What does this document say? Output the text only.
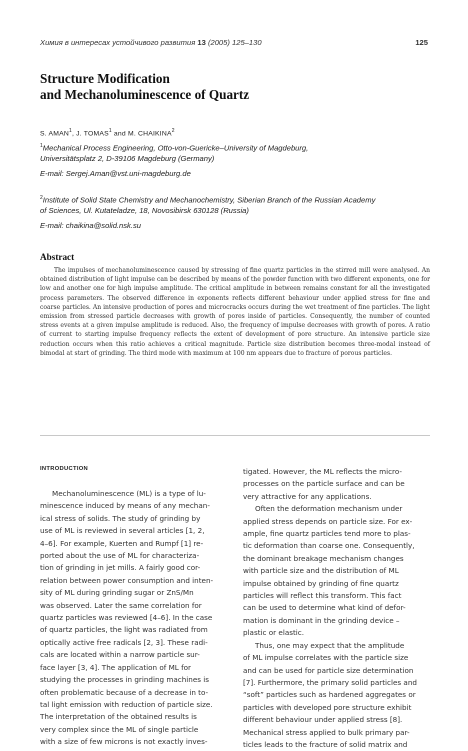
Химия в интересах устойчивого развития 13 (2005) 125–130	125
Structure Modification
and Mechanoluminescence of Quartz
S. AMAN$^1$, J. TOMAS$^1$ and M. CHAIKINA$^2$
$^1$Mechanical Process Engineering, Otto-von-Guericke–University of Magdeburg,
Universitätsplatz 2, D-39106 Magdeburg (Germany)
E-mail: Sergej.Aman@vst.uni-magdeburg.de
$^2$Institute of Solid State Chemistry and Mechanochemistry, Siberian Branch of the Russian Academy
of Sciences, Ul. Kutateladze, 18, Novosibirsk 630128 (Russia)
E-mail: chaikina@solid.nsk.su
Abstract
The impulses of mechanoluminescence caused by stressing of fine quartz particles in the stirred mill were analysed. An obtained distribution of light impulse can be described by means of the powder function with two different exponents, one for low and another one for high impulse amplitude. The critical amplitude in between remains constant for all the investigated process parameters. The observed difference in exponents reflects different behaviour under applied stress for fine and coarse particles. An intensive production of pores and microcracks occurs during the wet treatment of fine particles. The light emission from stressed particle decreases with growth of pores inside of particles. Consequently, the number of counted stress events at a given impulse amplitude is reduced. Also, the frequency of impulse decreases with growth of pores. A ratio of current to starting impulse frequency reflects the extent of development of pore structure. An intensive particle size reduction occurs when this ratio achieves a critical magnitude. Particle size distribution becomes three-modal instead of bimodal at start of grinding. The third mode with maximum at 100 nm appears due to fracture of porous particles.
INTRODUCTION
Mechanoluminescence (ML) is a type of lu-
minescence induced by means of any mechan-
ical stress of solids. The study of grinding by
use of ML is reviewed in several articles [1, 2,
4–6]. For example, Kuerten and Rumpf [1] re-
ported about the use of ML for characteriza-
tion of grinding in jet mills. A fairly good cor-
relation between power consumption and inten-
sity of ML during grinding sugar or ZnS/Mn
was observed. Later the same correlation for
quartz particles was reviewed [4–6]. In the case
of quartz particles, the light was radiated from
optically active free radicals [2, 3]. These radi-
cals are located within a narrow particle sur-
face layer [3, 4]. The application of ML for
studying the processes in grinding machines is
often problematic because of a decrease in to-
tal light emission with reduction of particle size.
The interpretation of the obtained results is
very complex since the ML of single particle
with a size of few microns is not exactly inves-
tigated. However, the ML reflects the micro-
processes on the particle surface and can be
very attractive for any applications.
Often the deformation mechanism under
applied stress depends on particle size. For ex-
ample, fine quartz particles tend more to plas-
tic deformation than coarse one. Consequently,
the dominant breakage mechanism changes
with particle size and the distribution of ML
impulse obtained by grinding of fine quartz
particles will reflect this transform. This fact
can be used to determine what kind of defor-
mation is dominant in the grinding device –
plastic or elastic.
Thus, one may expect that the amplitude
of ML impulse correlates with the particle size
and can be used for particle size determination
[7]. Furthermore, the primary solid particles and
“soft” particles such as hardened aggregates or
particles with developed pore structure exhibit
different behaviour under applied stress [8].
Mechanical stress applied to bulk primary par-
ticles leads to the fracture of solid matrix and
